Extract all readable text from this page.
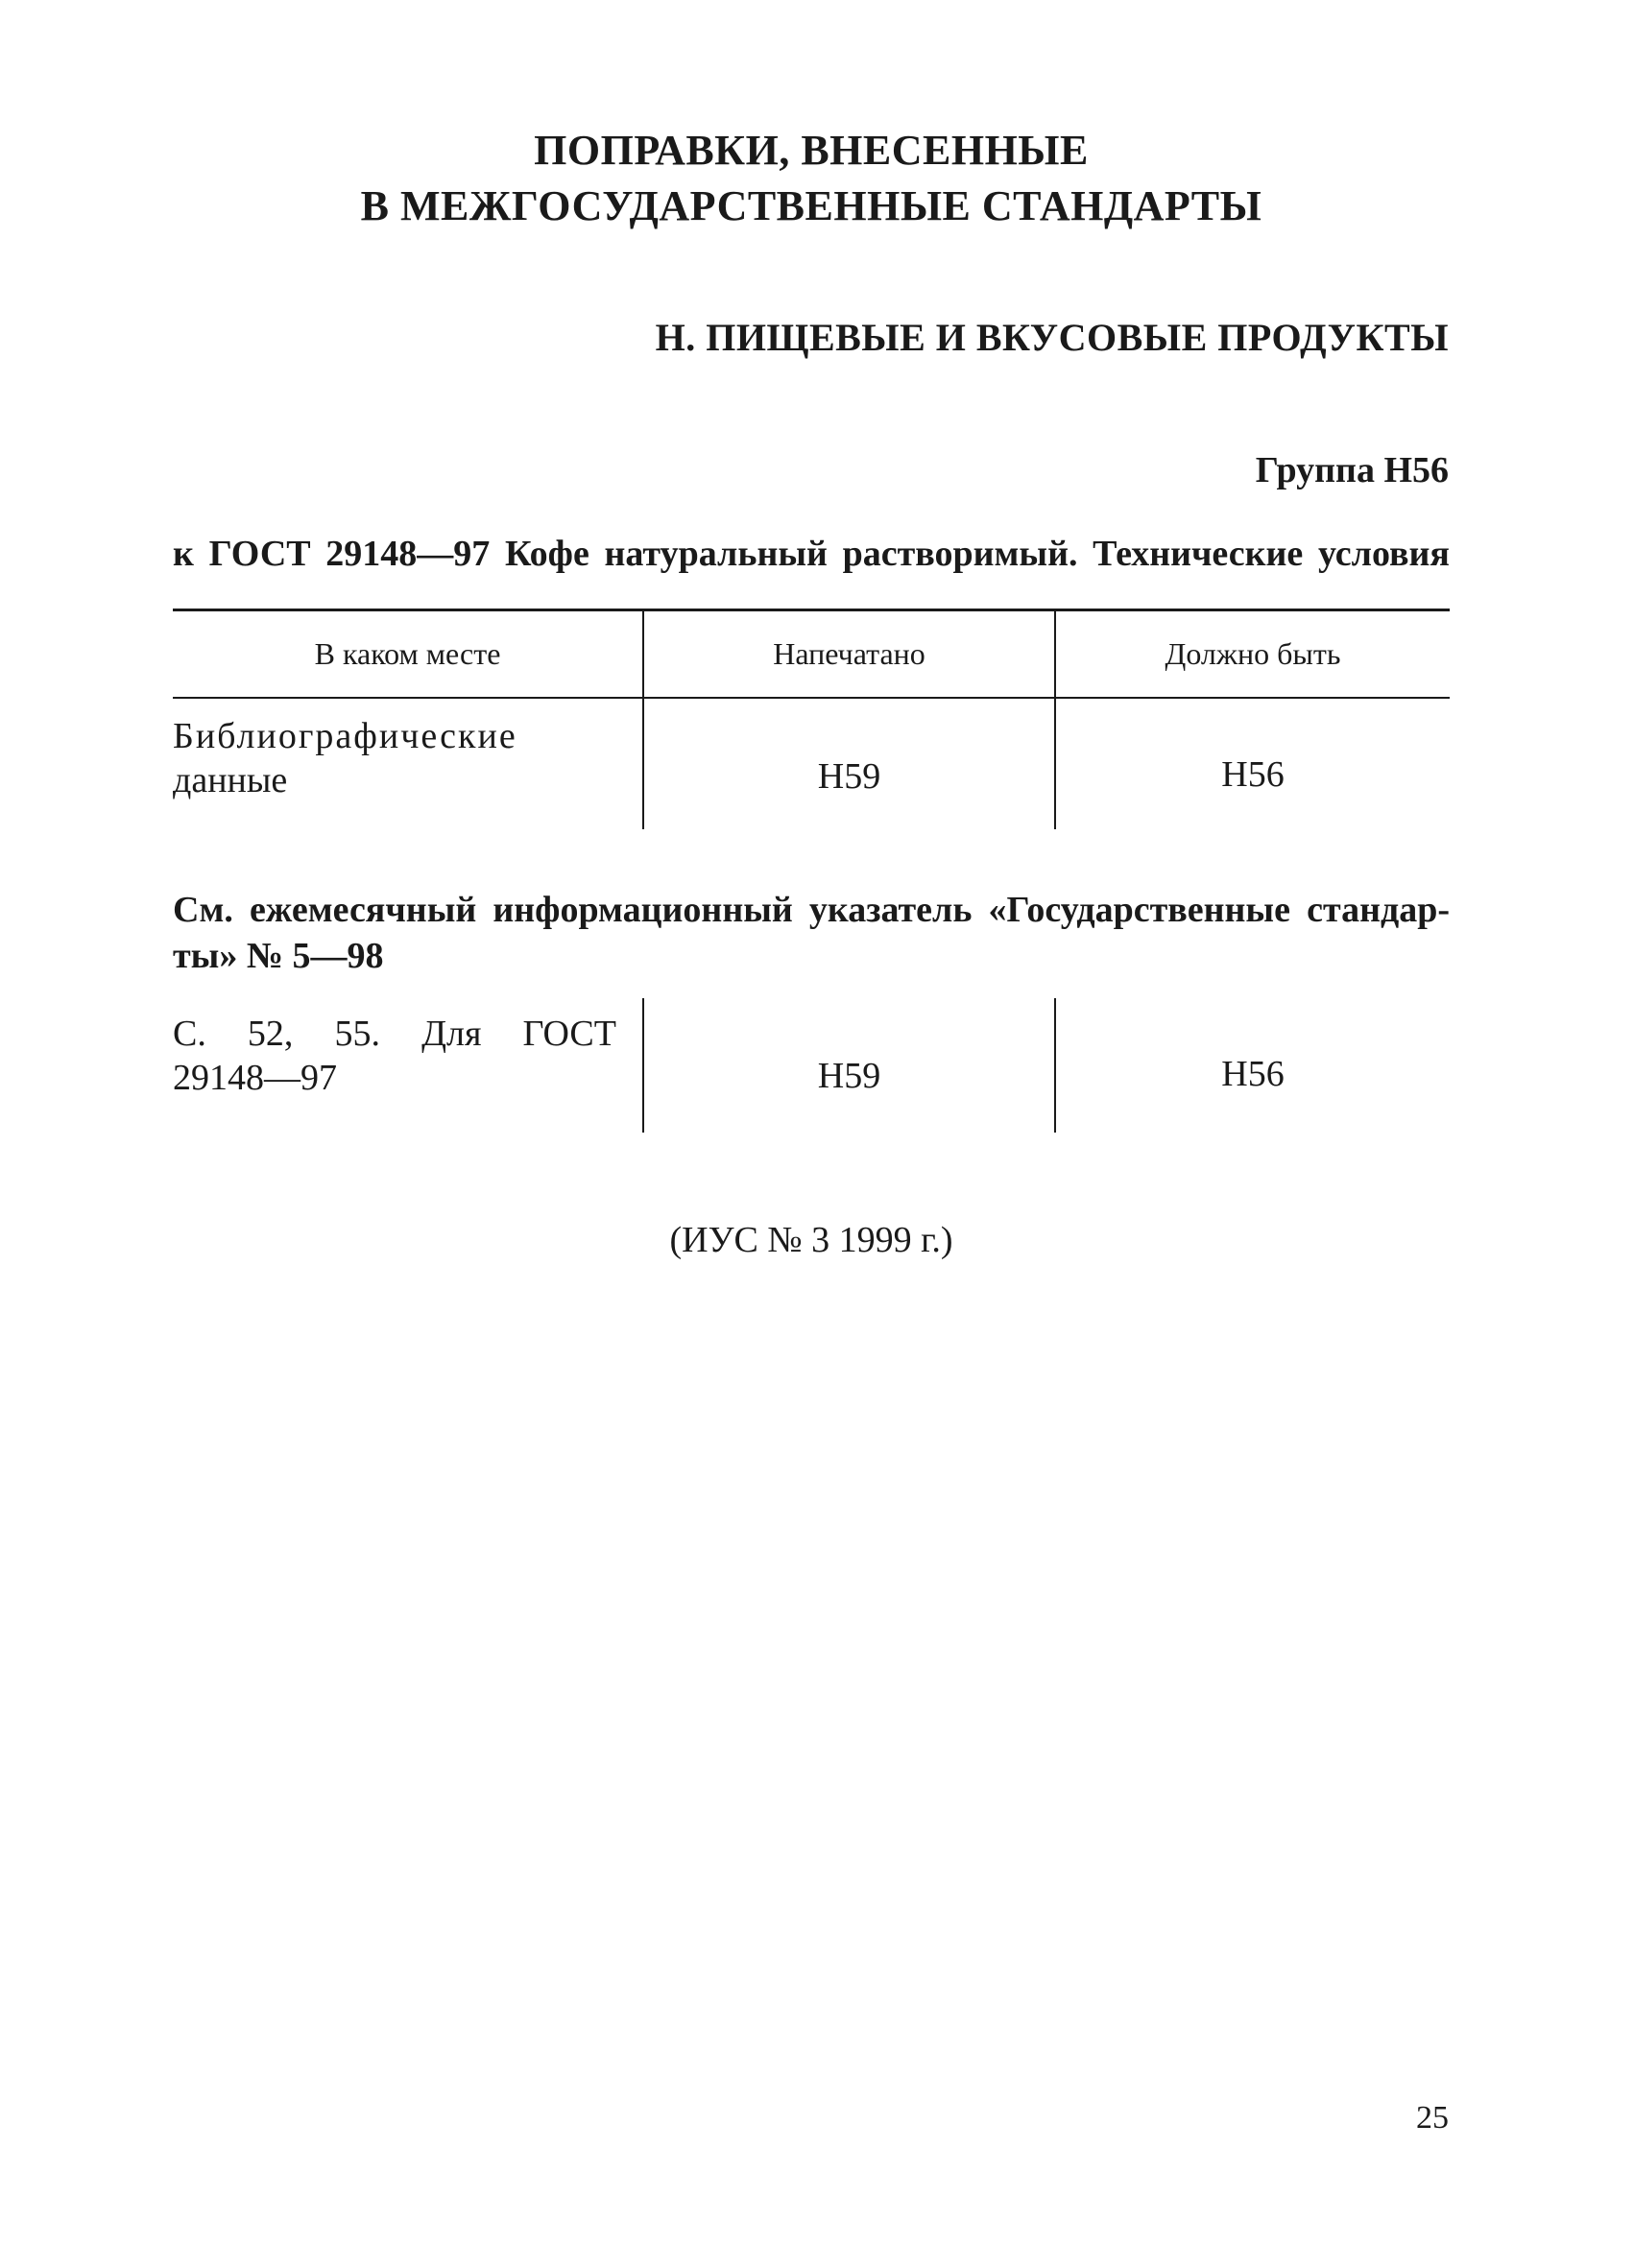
ПОПРАВКИ, ВНЕСЕННЫЕ
В МЕЖГОСУДАРСТВЕННЫЕ СТАНДАРТЫ
Н. ПИЩЕВЫЕ И ВКУСОВЫЕ ПРОДУКТЫ
Группа Н56
к ГОСТ 29148—97 Кофе натуральный растворимый. Технические условия
В каком месте	Напечатано	Должно быть
Библиографические
данные	Н59	Н56
См. ежемесячный информационный указатель «Государственные стандар-
ты» № 5—98
С. 52, 55. Для ГОСТ
29148—97	Н59	Н56
(ИУС № 3 1999 г.)
25
